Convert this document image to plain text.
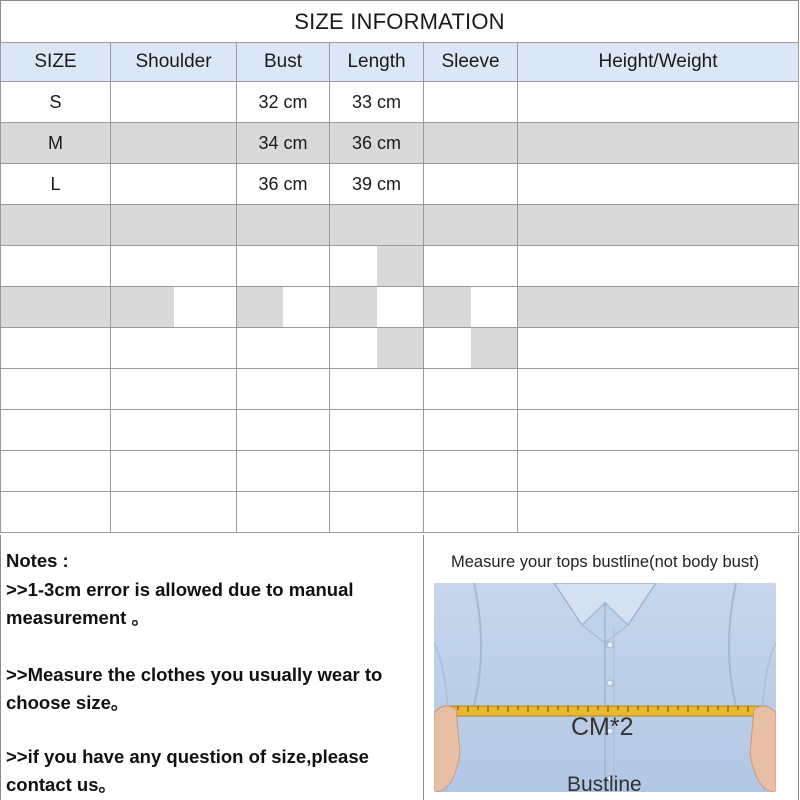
SIZE INFORMATION
SIZE	Shoulder	Bust	Length	Sleeve	Height/Weight
S		32 cm	33 cm		
M		34 cm	36 cm		
L		36 cm	39 cm		

Notes :
>>1-3cm error is allowed due to manual measurement 。
>>Measure the clothes you usually wear to choose size。
>>if you have any question of size,please contact us。
Measure your tops bustline(not body bust)
CM*2
Bustline
